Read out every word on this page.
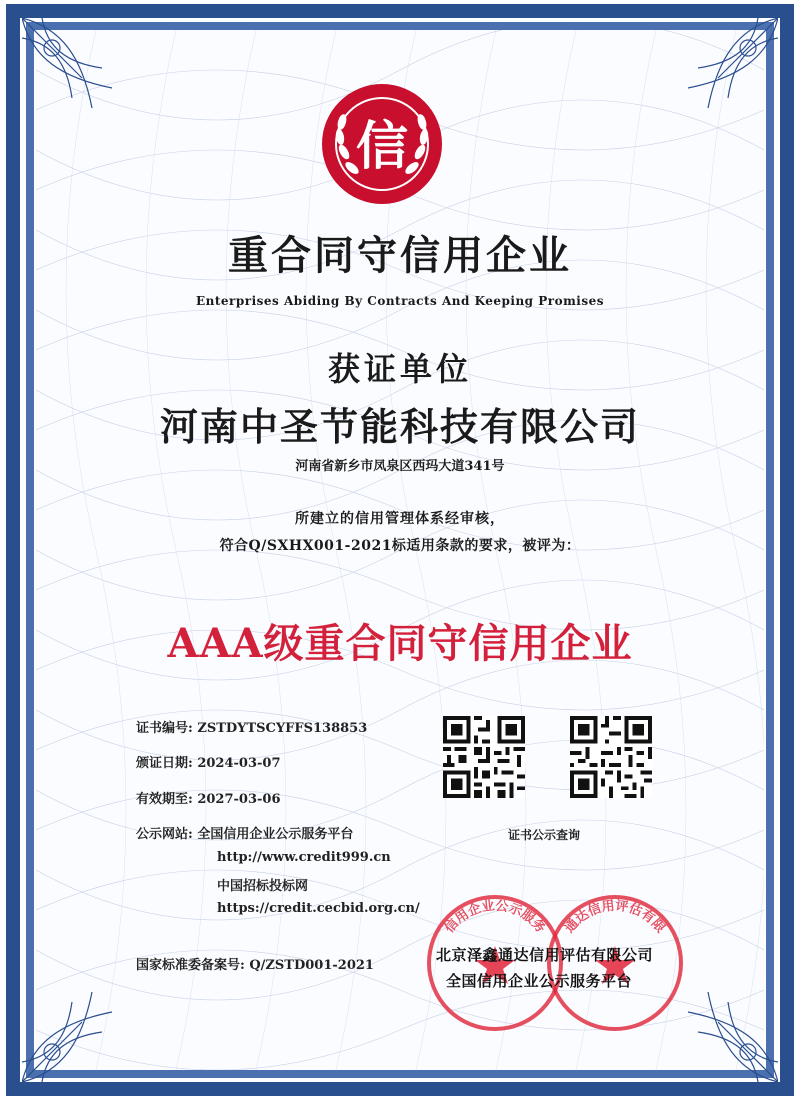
信
重合同守信用企业
Enterprises Abiding By Contracts And Keeping Promises
获证单位
河南中圣节能科技有限公司
河南省新乡市凤泉区西玛大道341号
所建立的信用管理体系经审核，
符合Q/SXHX001-2021标适用条款的要求，被评为：
AAA级重合同守信用企业
证书编号: ZSTDYTSCYFFS138853
颁证日期: 2024-03-07
有效期至: 2027-03-06
公示网站: 全国信用企业公示服务平台
http://www.credit999.cn
中国招标投标网
https://credit.cecbid.org.cn/
国家标准委备案号: Q/ZSTD001-2021
证书公示查询
信用企业公示服务 通达信用评估有限
北京泽鑫通达信用评估有限公司
全国信用企业公示服务平台
